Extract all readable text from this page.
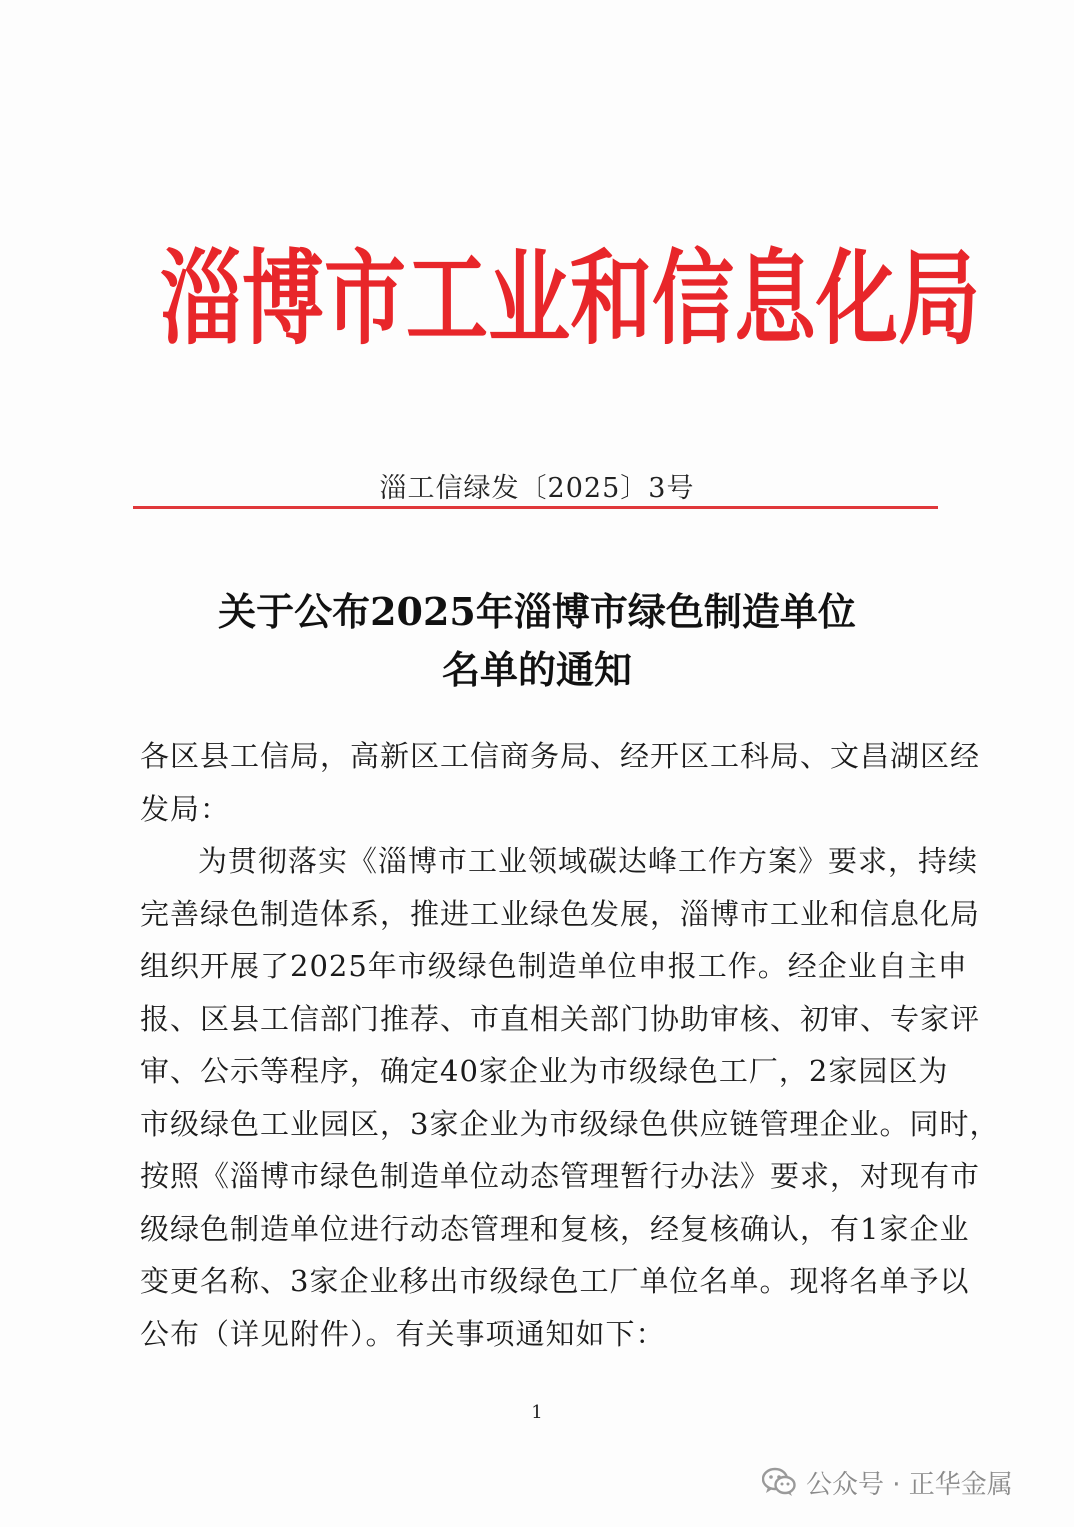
淄博市工业和信息化局
淄工信绿发〔2025〕3号
关于公布2025年淄博市绿色制造单位
名单的通知
各区县工信局，高新区工信商务局、经开区工科局、文昌湖区经
发局：
为贯彻落实《淄博市工业领域碳达峰工作方案》要求，持续
完善绿色制造体系，推进工业绿色发展，淄博市工业和信息化局
组织开展了2025年市级绿色制造单位申报工作。经企业自主申
报、区县工信部门推荐、市直相关部门协助审核、初审、专家评
审、公示等程序，确定40家企业为市级绿色工厂，2家园区为
市级绿色工业园区，3家企业为市级绿色供应链管理企业。同时，
按照《淄博市绿色制造单位动态管理暂行办法》要求，对现有市
级绿色制造单位进行动态管理和复核，经复核确认，有1家企业
变更名称、3家企业移出市级绿色工厂单位名单。现将名单予以
公布（详见附件）。有关事项通知如下：
1
公众号 · 正华金属
